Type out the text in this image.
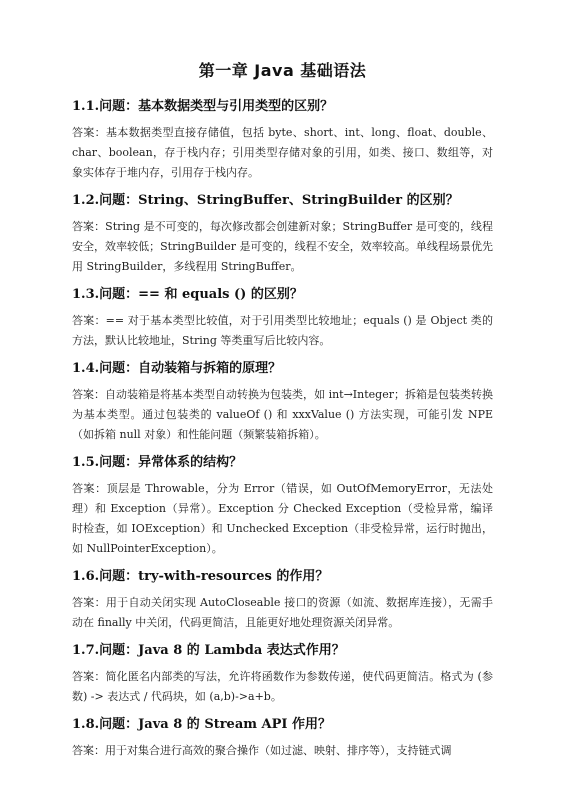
第一章 Java 基础语法
1.1.问题：基本数据类型与引用类型的区别？

答案：基本数据类型直接存储值，包括 byte、short、int、long、float、double、char、boolean，存于栈内存；引用类型存储对象的引用，如类、接口、数组等，对象实体存于堆内存，引用存于栈内存。

1.2.问题：String、StringBuffer、StringBuilder 的区别？

答案：String 是不可变的，每次修改都会创建新对象；StringBuffer 是可变的，线程安全，效率较低；StringBuilder 是可变的，线程不安全，效率较高。单线程场景优先用 StringBuilder，多线程用 StringBuffer。

1.3.问题：== 和 equals () 的区别？

答案：== 对于基本类型比较值，对于引用类型比较地址；equals () 是 Object 类的方法，默认比较地址，String 等类重写后比较内容。

1.4.问题：自动装箱与拆箱的原理？

答案：自动装箱是将基本类型自动转换为包装类，如 int→Integer；拆箱是包装类转换为基本类型。通过包装类的 valueOf () 和 xxxValue () 方法实现，可能引发 NPE（如拆箱 null 对象）和性能问题（频繁装箱拆箱）。

1.5.问题：异常体系的结构？

答案：顶层是 Throwable，分为 Error（错误，如 OutOfMemoryError，无法处理）和 Exception（异常）。Exception 分 Checked Exception（受检异常，编译时检查，如 IOException）和 Unchecked Exception（非受检异常，运行时抛出，如 NullPointerException）。

1.6.问题：try-with-resources 的作用？

答案：用于自动关闭实现 AutoCloseable 接口的资源（如流、数据库连接），无需手动在 finally 中关闭，代码更简洁，且能更好地处理资源关闭异常。

1.7.问题：Java 8 的 Lambda 表达式作用？

答案：简化匿名内部类的写法，允许将函数作为参数传递，使代码更简洁。格式为 (参数) -> 表达式 / 代码块，如 (a,b)->a+b。

1.8.问题：Java 8 的 Stream API 作用？

答案：用于对集合进行高效的聚合操作（如过滤、映射、排序等），支持链式调
